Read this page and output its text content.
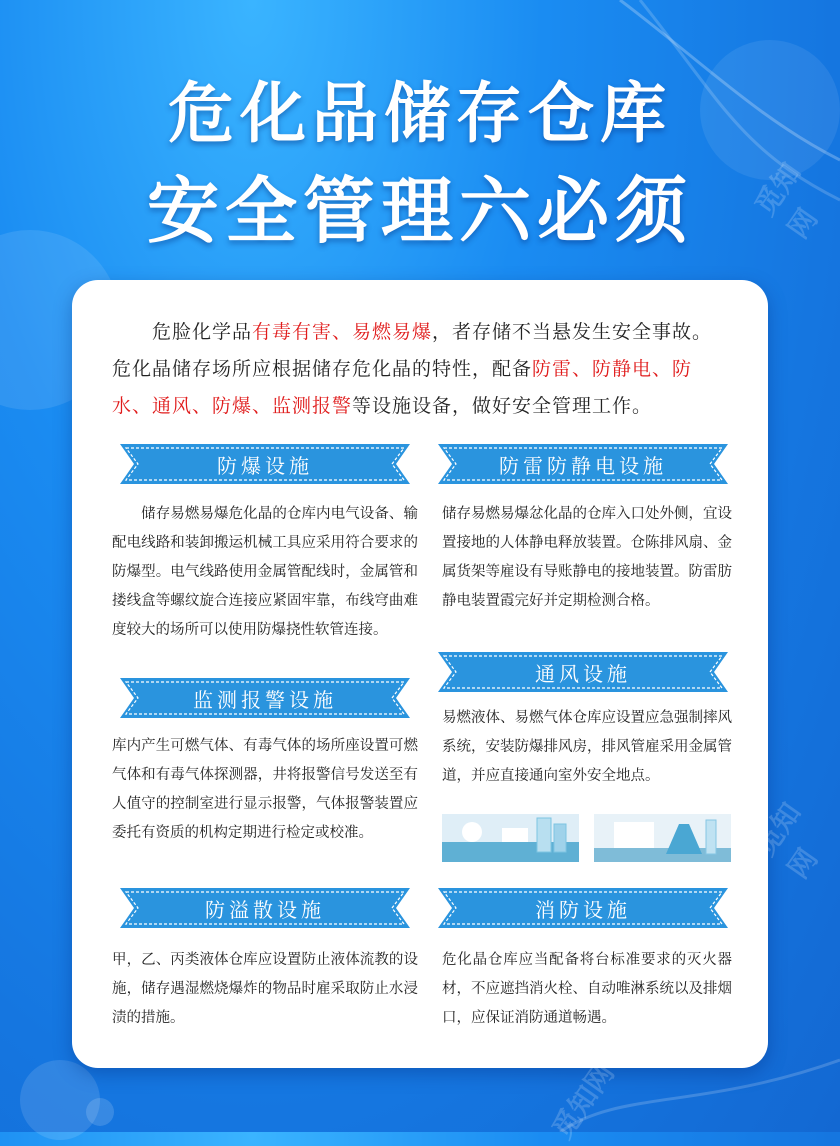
危化品储存仓库
安全管理六必须
危脸化学品有毒有害、易燃易爆，者存储不当悬发生安全事故。危化晶储存场所应根据储存危化晶的特性，配备防雷、防静电、防水、通风、防爆、监测报警等设施设备，做好安全管理工作。
防爆设施
　　储存易燃易爆危化晶的仓库内电气设备、输配电线路和装卸搬运机械工具应采用符合要求的防爆型。电气线路使用金属管配线时，金属管和搂线盒等螺纹旋合连接应紧固牢靠，布线穹曲难度较大的场所可以使用防爆挠性软管连接。
监测报警设施
库内产生可燃气体、有毒气体的场所座设置可燃气体和有毒气体探测器，井将报警信号发送至有人值守的控制室进行显示报警，气体报警装置应委托有资质的机构定期进行检定或校准。
防溢散设施
甲，乙、丙类液体仓库应设置防止液体流教的设施，储存遇湿燃烧爆炸的物品时雇采取防止水浸渍的措施。
防雷防静电设施
储存易燃易爆忿化晶的仓库入口处外侧，宜设置接地的人体静电释放装置。仓陈排风扇、金属货架等雇设有导账静电的接地装置。防雷肪静电装置霞完好并定期检测合格。
通风设施
易燃液体、易燃气体仓库应设置应急强制摔风系统，安装防爆排风房，排风管雇采用金属管道，并应直接通向室外安全地点。
消防设施
危化晶仓库应当配备将台标准要求的灭火器材，不应遮挡消火栓、自动唯淋系统以及排烟口，应保证消防通道畅遇。
觅知网
觅知网
觅知网
